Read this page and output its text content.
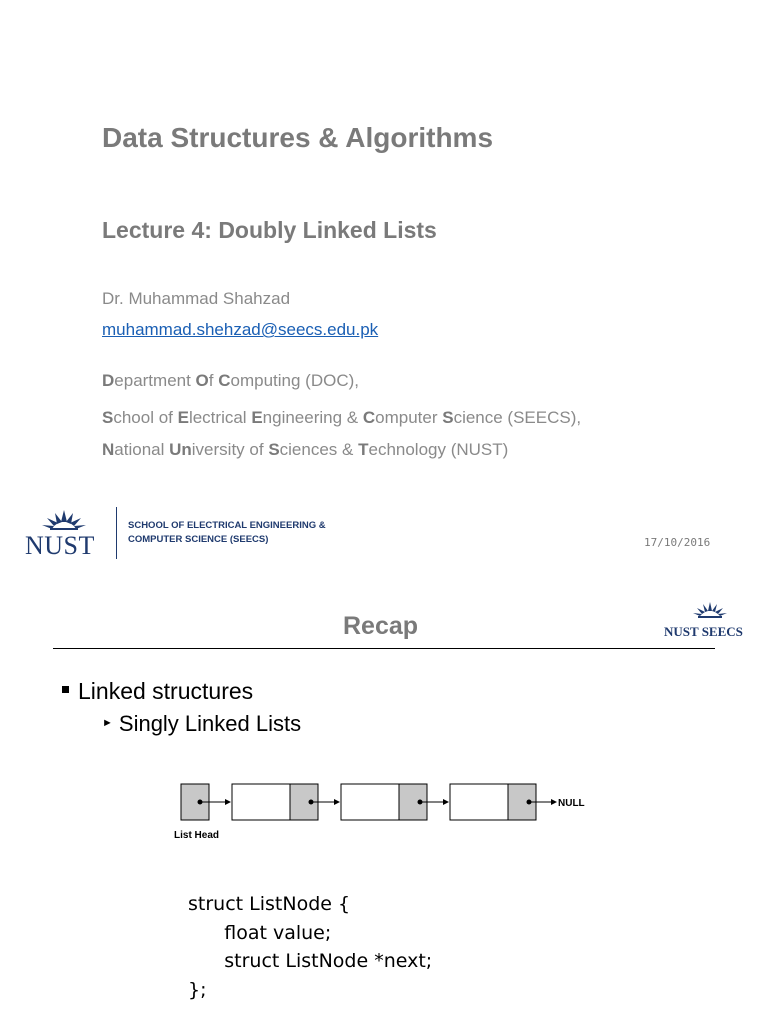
Data Structures & Algorithms
Lecture 4: Doubly Linked Lists
Dr. Muhammad Shahzad
muhammad.shehzad@seecs.edu.pk
Department Of Computing (DOC),
School of Electrical Engineering & Computer Science (SEECS),
National University of Sciences & Technology (NUST)
NUST
SCHOOL OF ELECTRICAL ENGINEERING &
COMPUTER SCIENCE (SEECS)	17/10/2016
Recap	NUST SEECS
Linked structures
► Singly Linked Lists
NULL
List Head
struct ListNode {
float value;
struct ListNode *next;
};
